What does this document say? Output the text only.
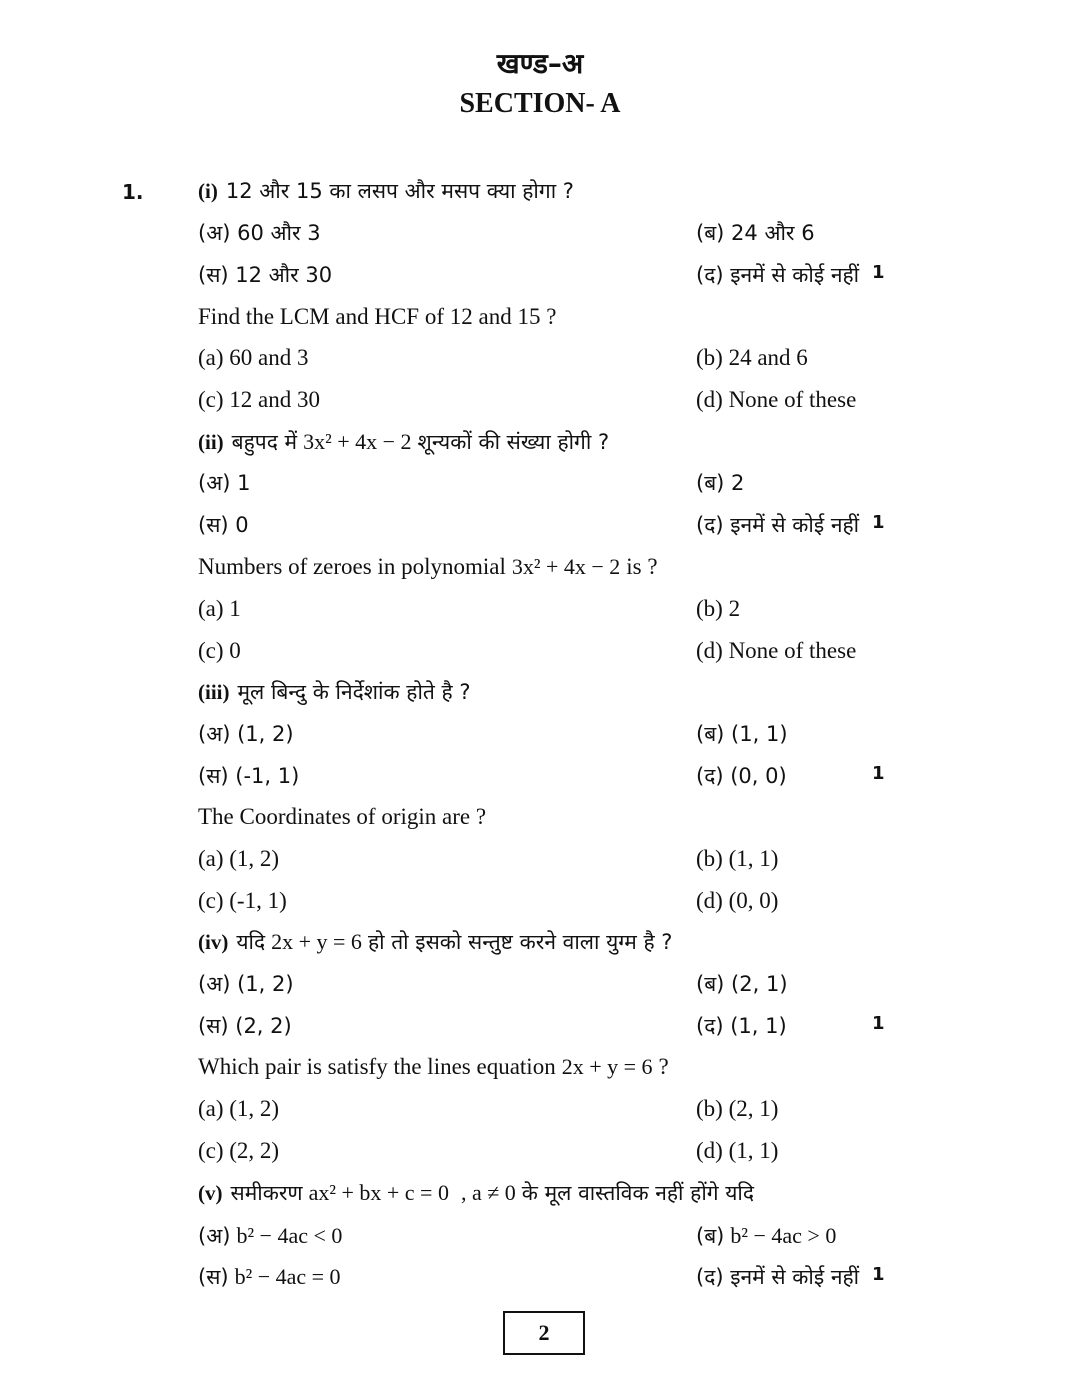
खण्ड–अ
SECTION- A
1.	(i) 12 और 15 का लसप और मसप क्या होगा ?
(अ) 60 और 3	(ब) 24 और 6
(स) 12 और 30	(द) इनमें से कोई नहीं 1
Find the LCM and HCF of 12 and 15 ?
(a) 60 and 3	(b) 24 and 6
(c) 12 and 30	(d) None of these
(ii) बहुपद में 3x² + 4x − 2 शून्यकों की संख्या होगी ?
(अ) 1	(ब) 2
(स) 0	(द) इनमें से कोई नहीं 1
Numbers of zeroes in polynomial 3x² + 4x − 2 is ?
(a) 1	(b) 2
(c) 0	(d) None of these
(iii) मूल बिन्दु के निर्देशांक होते है ?
(अ) (1, 2)	(ब) (1, 1)
(स) (-1, 1)	(द) (0, 0)	1
The Coordinates of origin are ?
(a) (1, 2)	(b) (1, 1)
(c) (-1, 1)	(d) (0, 0)
(iv) यदि 2x + y = 6 हो तो इसको सन्तुष्ट करने वाला युग्म है ?
(अ) (1, 2)	(ब) (2, 1)
(स) (2, 2)	(द) (1, 1)	1
Which pair is satisfy the lines equation 2x + y = 6 ?
(a) (1, 2)	(b) (2, 1)
(c) (2, 2)	(d) (1, 1)
(v) समीकरण ax² + bx + c = 0 , a ≠ 0 के मूल वास्तविक नहीं होंगे यदि
(अ) b² − 4ac < 0	(ब) b² − 4ac > 0
(स) b² − 4ac = 0	(द) इनमें से कोई नहीं 1
2
